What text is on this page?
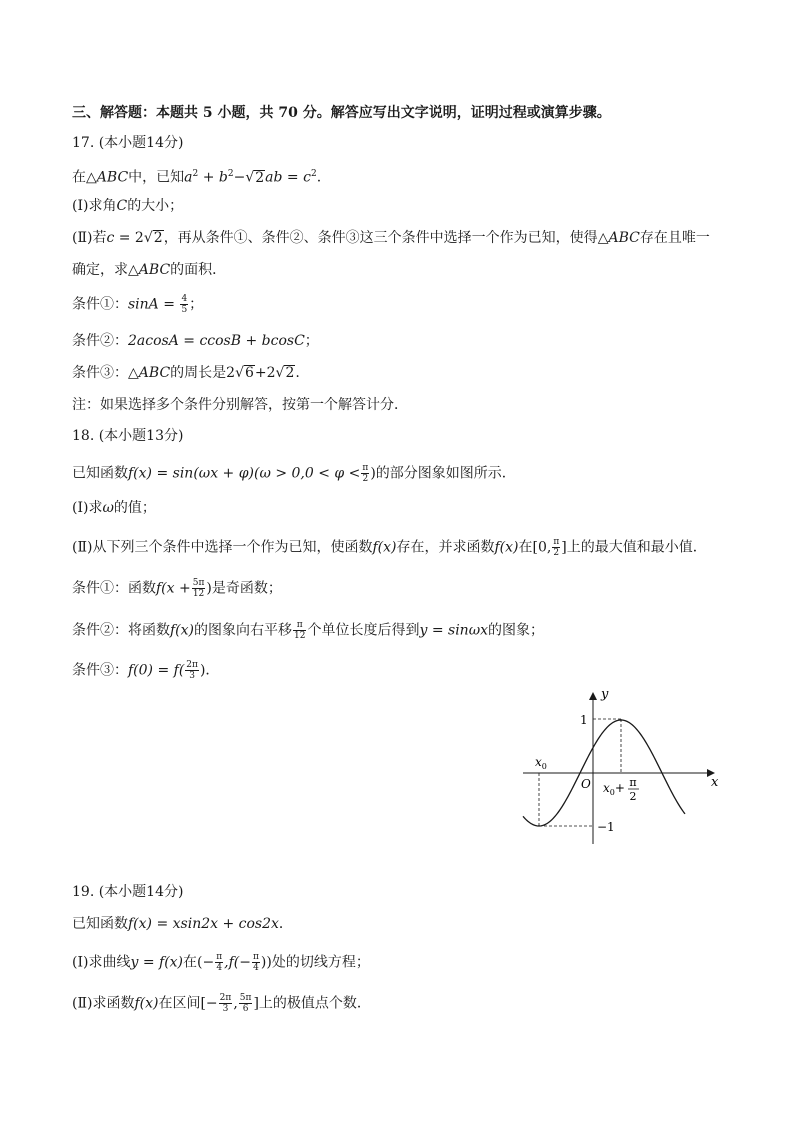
三、解答题：本题共 5 小题，共 70 分。解答应写出文字说明，证明过程或演算步骤。
17. (本小题14分)
在△ABC中，已知$a^2 + b^2-√2ab = c^2$.
(Ⅰ)求角C的大小；
(Ⅱ)若c = 2√2，再从条件①、条件②、条件③这三个条件中选择一个作为已知，使得△ABC存在且唯一
确定，求△ABC的面积．
条件①：$\sin A = \frac{4}{5}$ ；
条件②：2acosA = ccosB + bcosC；
条件③：△ABC的周长是2√6+2√2.
注：如果选择多个条件分别解答，按第一个解答计分．
18. (本小题13分)
已知函数$f(x) = \sin(\omega x + \varphi)(\omega > 0,0 < \varphi < \frac{\pi}{2}$ )的部分图象如图所示．
(Ⅰ)求ω的值；
(Ⅱ)从下列三个条件中选择一个作为已知，使函数f(x)存在，并求函数f(x)在[0, $\frac{\pi}{2}$ ]上的最大值和最小值．
条件①：函数$f(x + \frac{5\pi}{12}$ )是奇函数；
条件②：将函数f(x)的图象向右平移 $\frac{\pi}{12}$ 个单位长度后得到y = sinωx的图象；
条件③：$f(0) = f( \frac{2\pi}{3}$ )．
y
x
O
1
−1
$x_0$
$x_0+ \pi$
2
19. (本小题14分)
已知函数f(x) = xsin2x + cos2x．
(Ⅰ)求曲线y = f(x)在(− $\frac{\pi}{4} ,f(- \frac{\pi}{4}$ ))处的切线方程；
(Ⅱ)求函数f(x)在区间[− $\frac{2\pi}{3}$ , $\frac{5\pi}{6}$ ]上的极值点个数．
